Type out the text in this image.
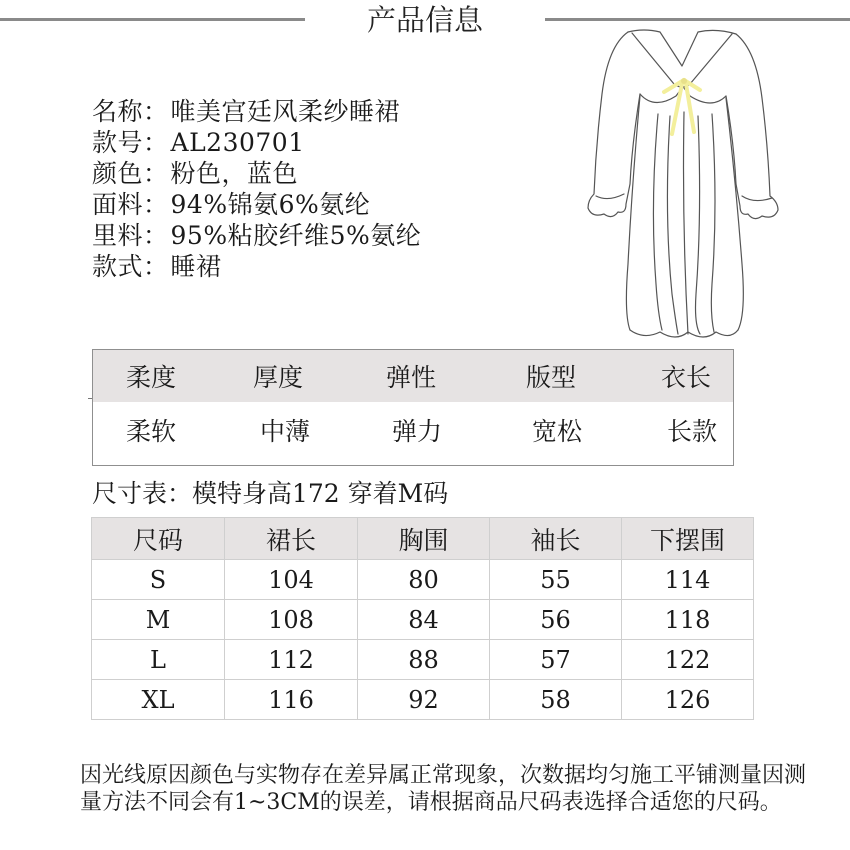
产品信息
名称：唯美宫廷风柔纱睡裙
款号：AL230701
颜色：粉色，蓝色
面料：94%锦氨6%氨纶
里料：95%粘胶纤维5%氨纶
款式：睡裙
柔度	厚度	弹性	版型	衣长
柔软	中薄	弹力	宽松	长款
尺寸表：模特身高172 穿着M码
尺码	裙长	胸围	袖长	下摆围
S	104	80	55	114
M	108	84	56	118
L	112	88	57	122
XL	116	92	58	126
因光线原因颜色与实物存在差异属正常现象，次数据均匀施工平铺测量因测量方法不同会有1~3CM的误差，请根据商品尺码表选择合适您的尺码。
